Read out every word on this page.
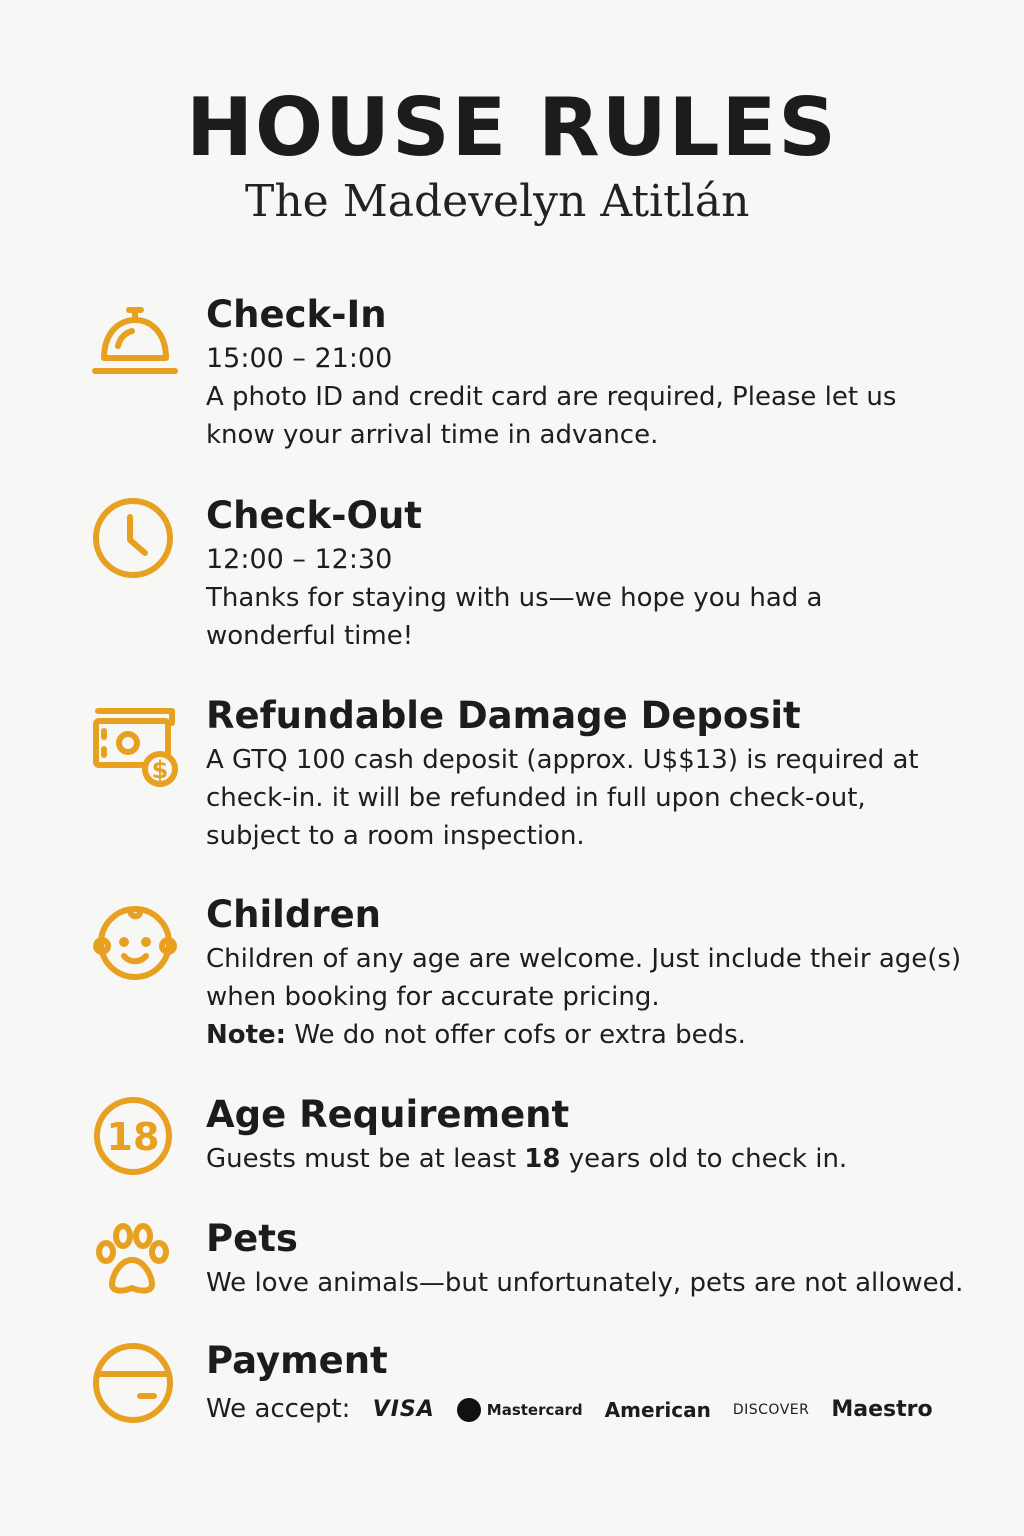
HOUSE RULES
The Madevelyn Atitlán
Check-In
15:00 – 21:00
A photo ID and credit card are required, Please let us
know your arrival time in advance.
Check-Out
12:00 – 12:30
Thanks for staying with us—we hope you had a
wonderful time!
$
Refundable Damage Deposit
A GTQ 100 cash deposit (approx. U$$13) is required at
check-in. it will be refunded in full upon check-out,
subject to a room inspection.
Children
Children of any age are welcome. Just include their age(s)
when booking for accurate pricing.
Note: We do not offer cofs or extra beds.
18
Age Requirement
Guests must be at least 18 years old to check in.
Pets
We love animals—but unfortunately, pets are not allowed.
Payment
We accept: VISA	Mastercard American DISCOVER Maestro
